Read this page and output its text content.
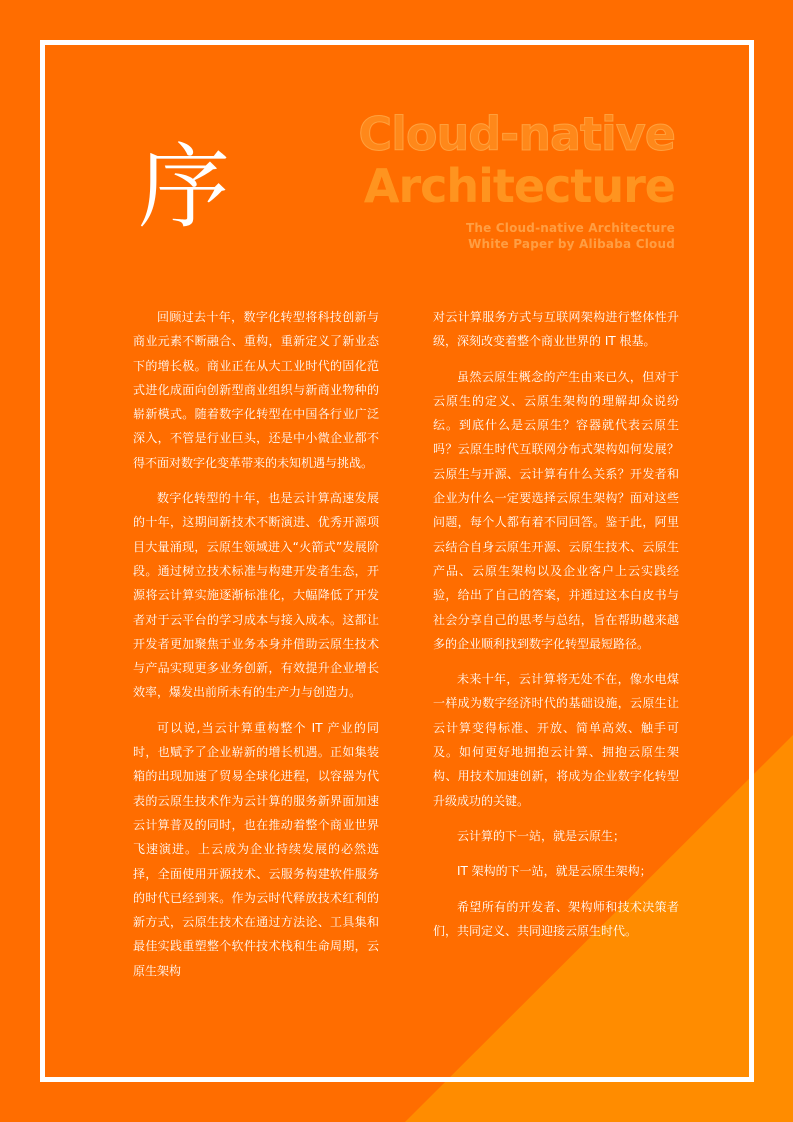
序	Cloud-native
Architecture
The Cloud-native Architecture
White Paper by Alibaba Cloud

回顾过去十年，数字化转型将科技创新与商业元素不断融合、重构，重新定义了新业态下的增长极。商业正在从大工业时代的固化范式进化成面向创新型商业组织与新商业物种的崭新模式。随着数字化转型在中国各行业广泛深入，不管是行业巨头，还是中小微企业都不得不面对数字化变革带来的未知机遇与挑战。

数字化转型的十年，也是云计算高速发展的十年，这期间新技术不断演进、优秀开源项目大量涌现，云原生领域进入“火箭式”发展阶段。通过树立技术标准与构建开发者生态，开源将云计算实施逐渐标准化，大幅降低了开发者对于云平台的学习成本与接入成本。这都让开发者更加聚焦于业务本身并借助云原生技术与产品实现更多业务创新，有效提升企业增长效率，爆发出前所未有的生产力与创造力。

可以说,当云计算重构整个 IT 产业的同时，也赋予了企业崭新的增长机遇。正如集装箱的出现加速了贸易全球化进程，以容器为代表的云原生技术作为云计算的服务新界面加速云计算普及的同时，也在推动着整个商业世界飞速演进。上云成为企业持续发展的必然选择，全面使用开源技术、云服务构建软件服务的时代已经到来。作为云时代释放技术红利的新方式，云原生技术在通过方法论、工具集和最佳实践重塑整个软件技术栈和生命周期，云原生架构

对云计算服务方式与互联网架构进行整体性升级，深刻改变着整个商业世界的 IT 根基。

虽然云原生概念的产生由来已久，但对于云原生的定义、云原生架构的理解却众说纷纭。到底什么是云原生？容器就代表云原生吗？云原生时代互联网分布式架构如何发展？云原生与开源、云计算有什么关系？开发者和企业为什么一定要选择云原生架构？面对这些问题，每个人都有着不同回答。鉴于此，阿里云结合自身云原生开源、云原生技术、云原生产品、云原生架构以及企业客户上云实践经验，给出了自己的答案，并通过这本白皮书与社会分享自己的思考与总结，旨在帮助越来越多的企业顺利找到数字化转型最短路径。

未来十年，云计算将无处不在，像水电煤一样成为数字经济时代的基础设施，云原生让云计算变得标准、开放、简单高效、触手可及。如何更好地拥抱云计算、拥抱云原生架构、用技术加速创新，将成为企业数字化转型升级成功的关键。

云计算的下一站，就是云原生；

IT 架构的下一站，就是云原生架构；

希望所有的开发者、架构师和技术决策者们，共同定义、共同迎接云原生时代。
